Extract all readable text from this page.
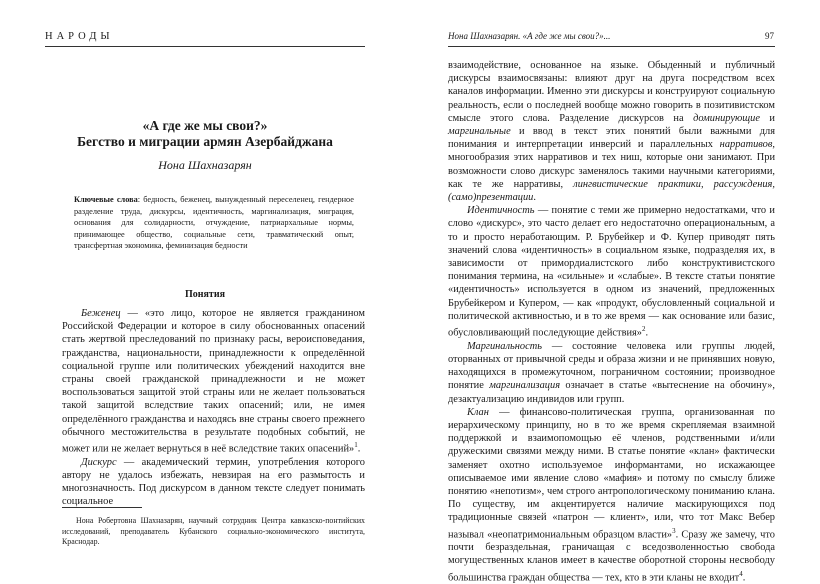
НАРОДЫ
«А где же мы свои?»
Бегство и миграции армян Азербайджана
Нона Шахназарян
Ключевые слова: бедность, беженец, вынужденный переселенец, гендерное разделение труда, дискурсы, идентичность, маргинализация, миграция, основания для солидарности, отчуждение, патриархальные нормы, принимающее общество, социальные сети, травматический опыт, трансфертная экономика, феминизация бедности
Понятия

Беженец — «это лицо, которое не является гражданином Российской Федерации и которое в силу обоснованных опасений стать жертвой преследований по признаку расы, вероисповедания, гражданства, национальности, принадлежности к определённой социальной группе или политических убеждений находится вне страны своей гражданской принадлежности и не может воспользоваться защитой этой страны или не желает пользоваться такой защитой вследствие таких опасений; или, не имея определённого гражданства и находясь вне страны своего прежнего обычного местожительства в результате подобных событий, не может или не желает вернуться в неё вследствие таких опасений»$^1$.

Дискурс — академический термин, употребления которого автору не удалось избежать, невзирая на его размытость и многозначность. Под дискурсом в данном тексте следует понимать социальное

Нона Робертовна Шахназарян, научный сотрудник Центра кавказско-понтийских исследований, преподаватель Кубанского социально-экономического института, Краснодар.
Нона Шахназарян. «А где же мы свои?»...	97

взаимодействие, основанное на языке. Обыденный и публичный дискурсы взаимосвязаны: влияют друг на друга посредством всех каналов информации. Именно эти дискурсы и конструируют социальную реальность, если о последней вообще можно говорить в позитивистском смысле этого слова. Разделение дискурсов на доминирующие и маргинальные и ввод в текст этих понятий были важными для понимания и интерпретации инверсий и параллельных нарративов, многообразия этих нарративов и тех ниш, которые они занимают. При возможности слово дискурс заменялось такими научными категориями, как те же нарративы, лингвистические практики, рассуждения, (само)презентации.

Идентичность — понятие с теми же примерно недостатками, что и слово «дискурс», это часто делает его недостаточно операциональным, а то и просто неработающим. Р. Брубейкер и Ф. Купер приводят пять значений слова «идентичность» в социальном языке, подразделяя их, в зависимости от примордиалистского либо конструктивистского понимания термина, на «сильные» и «слабые». В тексте статьи понятие «идентичность» используется в одном из значений, предложенных Брубейкером и Купером, — как «продукт, обусловленный социальной и политической активностью, и в то же время — как основание или базис, обусловливающий последующие действия»$^2$.

Маргинальность — состояние человека или группы людей, оторванных от привычной среды и образа жизни и не принявших новую, находящихся в промежуточном, пограничном состоянии; производное понятие маргинализация означает в статье «вытеснение на обочину», дезактуализацию индивидов или групп.

Клан — финансово-политическая группа, организованная по иерархическому принципу, но в то же время скрепляемая взаимной поддержкой и взаимопомощью её членов, родственными и/или дружескими связями между ними. В статье понятие «клан» фактически заменяет охотно используемое информантами, но искажающее описываемое ими явление слово «мафия» и потому по смыслу ближе понятию «непотизм», чем строго антропологическому пониманию клана. По существу, им акцентируется наличие маскирующихся под традиционные связей «патрон — клиент», или, что тот Макс Вебер называл «неопатримониальным образцом власти»$^3$. Сразу же замечу, что почти безраздельная, граничащая с вседозволенностью свобода могущественных кланов имеет в качестве оборотной стороны несвободу большинства граждан общества — тех, кто в эти кланы не входит$^4$.
